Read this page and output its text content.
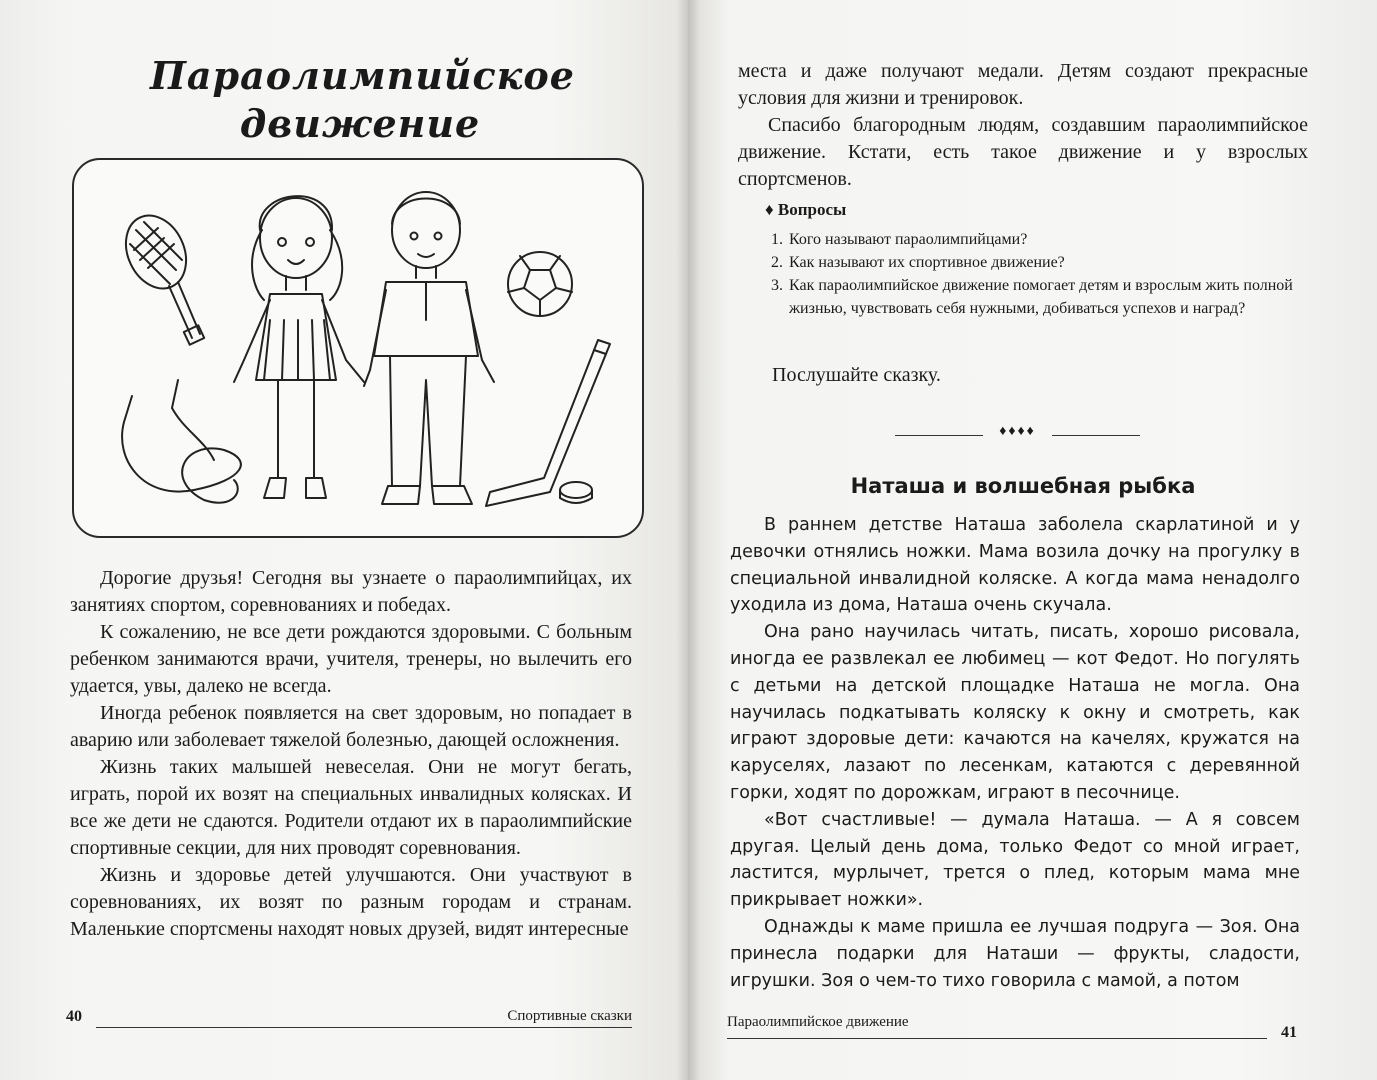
Параолимпийское движение

Дорогие друзья! Сегодня вы узнаете о параолимпийцах, их занятиях спортом, соревнованиях и победах.

К сожалению, не все дети рождаются здоровыми. С больным ребенком занимаются врачи, учителя, тренеры, но вылечить его удается, увы, далеко не всегда.

Иногда ребенок появляется на свет здоровым, но попадает в аварию или заболевает тяжелой болезнью, дающей осложнения.

Жизнь таких малышей невеселая. Они не могут бегать, играть, порой их возят на специальных инвалидных колясках. И все же дети не сдаются. Родители отдают их в параолимпийские спортивные секции, для них проводят соревнования.

Жизнь и здоровье детей улучшаются. Они участвуют в соревнованиях, их возят по разным городам и странам. Маленькие спортсмены находят новых друзей, видят интересные

40	Спортивные сказки

места и даже получают медали. Детям создают прекрасные условия для жизни и тренировок.

Спасибо благородным людям, создавшим параолимпийское движение. Кстати, есть такое движение и у взрослых спортсменов.

♦ Вопросы
1. Кого называют параолимпийцами?
2. Как называют их спортивное движение?
3. Как параолимпийское движение помогает детям и взрослым жить полной жизнью, чувствовать себя нужными, добиваться успехов и наград?

Послушайте сказку.

♦♦♦♦
Наташа и волшебная рыбка

В раннем детстве Наташа заболела скарлатиной и у девочки отнялись ножки. Мама возила дочку на прогулку в специальной инвалидной коляске. А когда мама ненадолго уходила из дома, Наташа очень скучала.

Она рано научилась читать, писать, хорошо рисовала, иногда ее развлекал ее любимец — кот Федот. Но погулять с детьми на детской площадке Наташа не могла. Она научилась подкатывать коляску к окну и смотреть, как играют здоровые дети: качаются на качелях, кружатся на каруселях, лазают по лесенкам, катаются с деревянной горки, ходят по дорожкам, играют в песочнице.

«Вот счастливые! — думала Наташа. — А я совсем другая. Целый день дома, только Федот со мной играет, ластится, мурлычет, трется о плед, которым мама мне прикрывает ножки».

Однажды к маме пришла ее лучшая подруга — Зоя. Она принесла подарки для Наташи — фрукты, сладости, игрушки. Зоя о чем-то тихо говорила с мамой, а потом

Параолимпийское движение
41
